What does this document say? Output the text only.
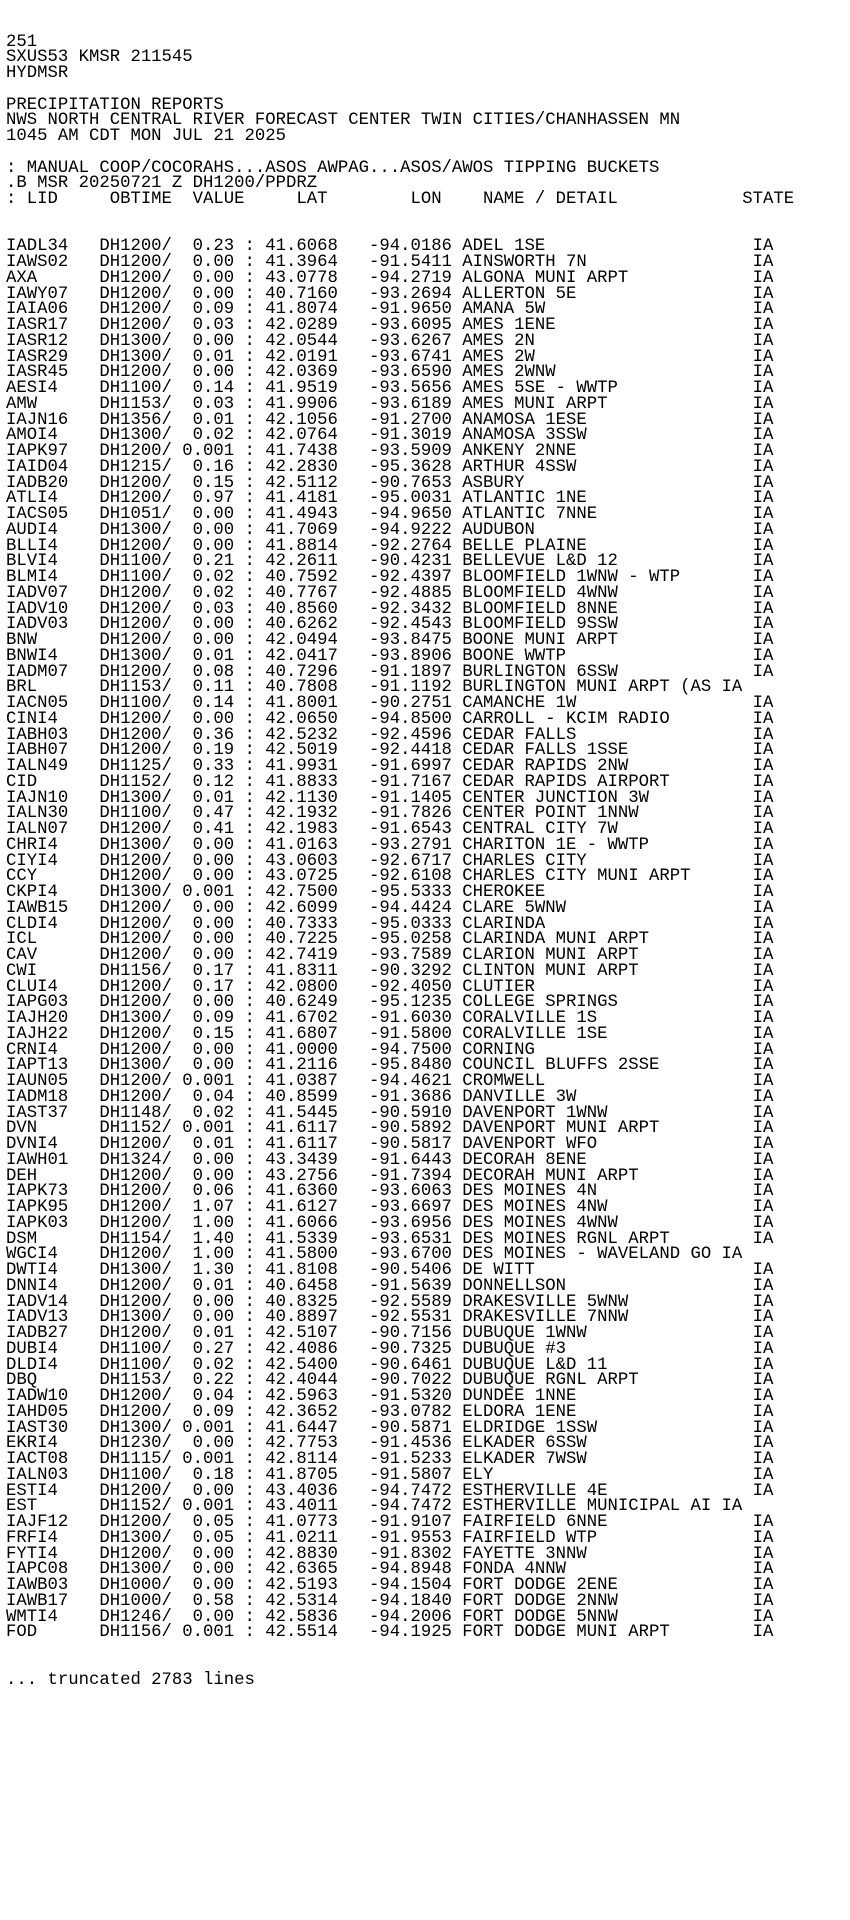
251
SXUS53 KMSR 211545
HYDMSR
PRECIPITATION REPORTS
NWS NORTH CENTRAL RIVER FORECAST CENTER TWIN CITIES/CHANHASSEN MN
1045 AM CDT MON JUL 21 2025
: MANUAL COOP/COCORAHS...ASOS AWPAG...ASOS/AWOS TIPPING BUCKETS
.B MSR 20250721 Z DH1200/PPDRZ
: LID     OBTIME  VALUE     LAT        LON    NAME / DETAIL            STATE

IADL34   DH1200/  0.23 : 41.6068   -94.0186 ADEL 1SE                    IA
IAWS02   DH1200/  0.00 : 41.3964   -91.5411 AINSWORTH 7N                IA
AXA      DH1200/  0.00 : 43.0778   -94.2719 ALGONA MUNI ARPT            IA
IAWY07   DH1200/  0.00 : 40.7160   -93.2694 ALLERTON 5E                 IA
IAIA06   DH1200/  0.09 : 41.8074   -91.9650 AMANA 5W                    IA
IASR17   DH1200/  0.03 : 42.0289   -93.6095 AMES 1ENE                   IA
IASR12   DH1300/  0.00 : 42.0544   -93.6267 AMES 2N                     IA
IASR29   DH1300/  0.01 : 42.0191   -93.6741 AMES 2W                     IA
IASR45   DH1200/  0.00 : 42.0369   -93.6590 AMES 2WNW                   IA
AESI4    DH1100/  0.14 : 41.9519   -93.5656 AMES 5SE - WWTP             IA
AMW      DH1153/  0.03 : 41.9906   -93.6189 AMES MUNI ARPT              IA
IAJN16   DH1356/  0.01 : 42.1056   -91.2700 ANAMOSA 1ESE                IA
AMOI4    DH1300/  0.02 : 42.0764   -91.3019 ANAMOSA 3SSW                IA
IAPK97   DH1200/ 0.001 : 41.7438   -93.5909 ANKENY 2NNE                 IA
IAID04   DH1215/  0.16 : 42.2830   -95.3628 ARTHUR 4SSW                 IA
IADB20   DH1200/  0.15 : 42.5112   -90.7653 ASBURY                      IA
ATLI4    DH1200/  0.97 : 41.4181   -95.0031 ATLANTIC 1NE                IA
IACS05   DH1051/  0.00 : 41.4943   -94.9650 ATLANTIC 7NNE               IA
AUDI4    DH1300/  0.00 : 41.7069   -94.9222 AUDUBON                     IA
BLLI4    DH1200/  0.00 : 41.8814   -92.2764 BELLE PLAINE                IA
BLVI4    DH1100/  0.21 : 42.2611   -90.4231 BELLEVUE L&D 12             IA
BLMI4    DH1100/  0.02 : 40.7592   -92.4397 BLOOMFIELD 1WNW - WTP       IA
IADV07   DH1200/  0.02 : 40.7767   -92.4885 BLOOMFIELD 4WNW             IA
IADV10   DH1200/  0.03 : 40.8560   -92.3432 BLOOMFIELD 8NNE             IA
IADV03   DH1200/  0.00 : 40.6262   -92.4543 BLOOMFIELD 9SSW             IA
BNW      DH1200/  0.00 : 42.0494   -93.8475 BOONE MUNI ARPT             IA
BNWI4    DH1300/  0.01 : 42.0417   -93.8906 BOONE WWTP                  IA
IADM07   DH1200/  0.08 : 40.7296   -91.1897 BURLINGTON 6SSW             IA
BRL      DH1153/  0.11 : 40.7808   -91.1192 BURLINGTON MUNI ARPT (AS IA
IACN05   DH1100/  0.14 : 41.8001   -90.2751 CAMANCHE 1W                 IA
CINI4    DH1200/  0.00 : 42.0650   -94.8500 CARROLL - KCIM RADIO        IA
IABH03   DH1200/  0.36 : 42.5232   -92.4596 CEDAR FALLS                 IA
IABH07   DH1200/  0.19 : 42.5019   -92.4418 CEDAR FALLS 1SSE            IA
IALN49   DH1125/  0.33 : 41.9931   -91.6997 CEDAR RAPIDS 2NW            IA
CID      DH1152/  0.12 : 41.8833   -91.7167 CEDAR RAPIDS AIRPORT        IA
IAJN10   DH1300/  0.01 : 42.1130   -91.1405 CENTER JUNCTION 3W          IA
IALN30   DH1100/  0.47 : 42.1932   -91.7826 CENTER POINT 1NNW           IA
IALN07   DH1200/  0.41 : 42.1983   -91.6543 CENTRAL CITY 7W             IA
CHRI4    DH1300/  0.00 : 41.0163   -93.2791 CHARITON 1E - WWTP          IA
CIYI4    DH1200/  0.00 : 43.0603   -92.6717 CHARLES CITY                IA
CCY      DH1200/  0.00 : 43.0725   -92.6108 CHARLES CITY MUNI ARPT      IA
CKPI4    DH1300/ 0.001 : 42.7500   -95.5333 CHEROKEE                    IA
IAWB15   DH1200/  0.00 : 42.6099   -94.4424 CLARE 5WNW                  IA
CLDI4    DH1200/  0.00 : 40.7333   -95.0333 CLARINDA                    IA
ICL      DH1200/  0.00 : 40.7225   -95.0258 CLARINDA MUNI ARPT          IA
CAV      DH1200/  0.00 : 42.7419   -93.7589 CLARION MUNI ARPT           IA
CWI      DH1156/  0.17 : 41.8311   -90.3292 CLINTON MUNI ARPT           IA
CLUI4    DH1200/  0.17 : 42.0800   -92.4050 CLUTIER                     IA
IAPG03   DH1200/  0.00 : 40.6249   -95.1235 COLLEGE SPRINGS             IA
IAJH20   DH1300/  0.09 : 41.6702   -91.6030 CORALVILLE 1S               IA
IAJH22   DH1200/  0.15 : 41.6807   -91.5800 CORALVILLE 1SE              IA
CRNI4    DH1200/  0.00 : 41.0000   -94.7500 CORNING                     IA
IAPT13   DH1300/  0.00 : 41.2116   -95.8480 COUNCIL BLUFFS 2SSE         IA
IAUN05   DH1200/ 0.001 : 41.0387   -94.4621 CROMWELL                    IA
IADM18   DH1200/  0.04 : 40.8599   -91.3686 DANVILLE 3W                 IA
IAST37   DH1148/  0.02 : 41.5445   -90.5910 DAVENPORT 1WNW              IA
DVN      DH1152/ 0.001 : 41.6117   -90.5892 DAVENPORT MUNI ARPT         IA
DVNI4    DH1200/  0.01 : 41.6117   -90.5817 DAVENPORT WFO               IA
IAWH01   DH1324/  0.00 : 43.3439   -91.6443 DECORAH 8ENE                IA
DEH      DH1200/  0.00 : 43.2756   -91.7394 DECORAH MUNI ARPT           IA
IAPK73   DH1200/  0.06 : 41.6360   -93.6063 DES MOINES 4N               IA
IAPK95   DH1200/  1.07 : 41.6127   -93.6697 DES MOINES 4NW              IA
IAPK03   DH1200/  1.00 : 41.6066   -93.6956 DES MOINES 4WNW             IA
DSM      DH1154/  1.40 : 41.5339   -93.6531 DES MOINES RGNL ARPT        IA
WGCI4    DH1200/  1.00 : 41.5800   -93.6700 DES MOINES - WAVELAND GO IA
DWTI4    DH1300/  1.30 : 41.8108   -90.5406 DE WITT                     IA
DNNI4    DH1200/  0.01 : 40.6458   -91.5639 DONNELLSON                  IA
IADV14   DH1200/  0.00 : 40.8325   -92.5589 DRAKESVILLE 5WNW            IA
IADV13   DH1300/  0.00 : 40.8897   -92.5531 DRAKESVILLE 7NNW            IA
IADB27   DH1200/  0.01 : 42.5107   -90.7156 DUBUQUE 1WNW                IA
DUBI4    DH1100/  0.27 : 42.4086   -90.7325 DUBUQUE #3                  IA
DLDI4    DH1100/  0.02 : 42.5400   -90.6461 DUBUQUE L&D 11              IA
DBQ      DH1153/  0.22 : 42.4044   -90.7022 DUBUQUE RGNL ARPT           IA
IADW10   DH1200/  0.04 : 42.5963   -91.5320 DUNDEE 1NNE                 IA
IAHD05   DH1200/  0.09 : 42.3652   -93.0782 ELDORA 1ENE                 IA
IAST30   DH1300/ 0.001 : 41.6447   -90.5871 ELDRIDGE 1SSW               IA
EKRI4    DH1230/  0.00 : 42.7753   -91.4536 ELKADER 6SSW                IA
IACT08   DH1115/ 0.001 : 42.8114   -91.5233 ELKADER 7WSW                IA
IALN03   DH1100/  0.18 : 41.8705   -91.5807 ELY                         IA
ESTI4    DH1200/  0.00 : 43.4036   -94.7472 ESTHERVILLE 4E              IA
EST      DH1152/ 0.001 : 43.4011   -94.7472 ESTHERVILLE MUNICIPAL AI IA
IAJF12   DH1200/  0.05 : 41.0773   -91.9107 FAIRFIELD 6NNE              IA
FRFI4    DH1300/  0.05 : 41.0211   -91.9553 FAIRFIELD WTP               IA
FYTI4    DH1200/  0.00 : 42.8830   -91.8302 FAYETTE 3NNW                IA
IAPC08   DH1300/  0.00 : 42.6365   -94.8948 FONDA 4NNW                  IA
IAWB03   DH1000/  0.00 : 42.5193   -94.1504 FORT DODGE 2ENE             IA
IAWB17   DH1000/  0.58 : 42.5314   -94.1840 FORT DODGE 2NNW             IA
WMTI4    DH1246/  0.00 : 42.5836   -94.2006 FORT DODGE 5NNW             IA
FOD      DH1156/ 0.001 : 42.5514   -94.1925 FORT DODGE MUNI ARPT        IA

... truncated 2783 lines
